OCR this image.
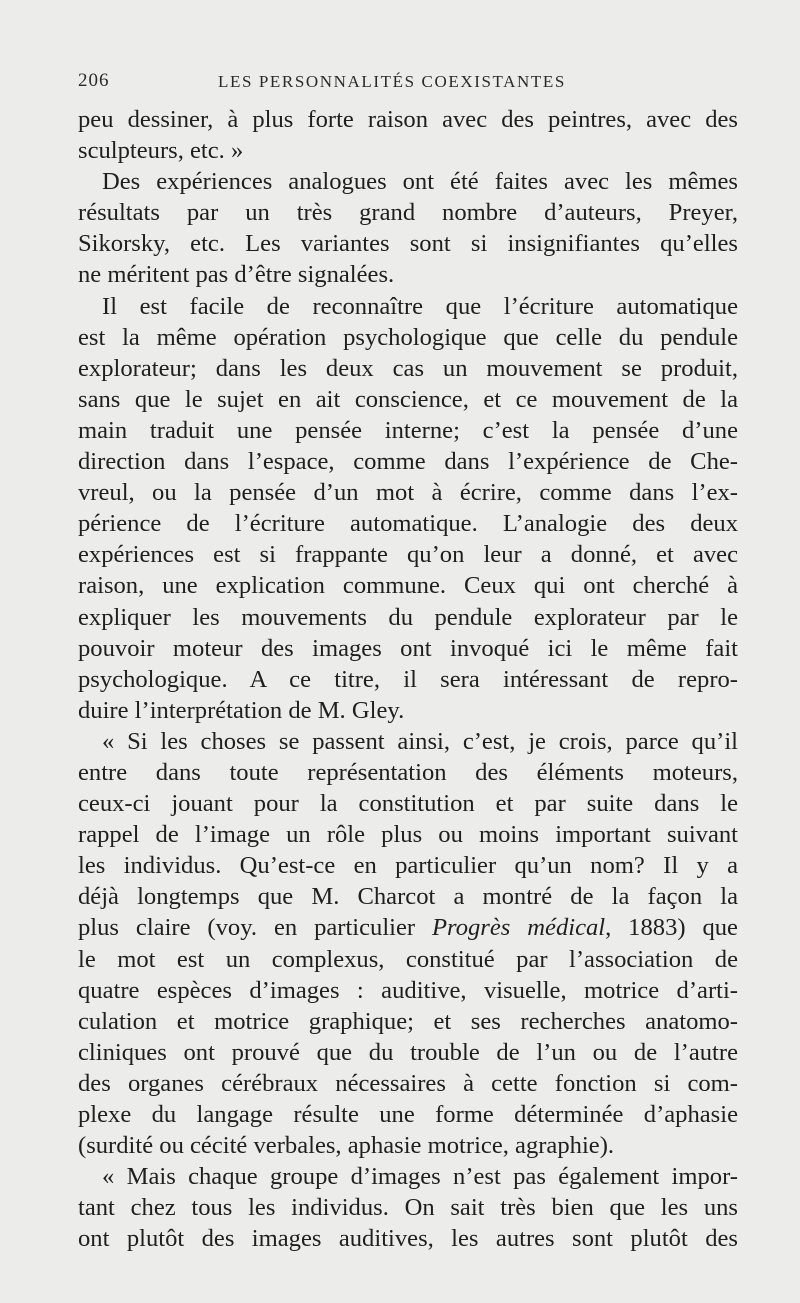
206	LES PERSONNALITÉS COEXISTANTES
peu dessiner, à plus forte raison avec des peintres, avec des
sculpteurs, etc. »
Des expériences analogues ont été faites avec les mêmes
résultats par un très grand nombre d’auteurs, Preyer,
Sikorsky, etc. Les variantes sont si insignifiantes qu’elles
ne méritent pas d’être signalées.
Il est facile de reconnaître que l’écriture automatique
est la même opération psychologique que celle du pendule
explorateur; dans les deux cas un mouvement se produit,
sans que le sujet en ait conscience, et ce mouvement de la
main traduit une pensée interne; c’est la pensée d’une
direction dans l’espace, comme dans l’expérience de Che-
vreul, ou la pensée d’un mot à écrire, comme dans l’ex-
périence de l’écriture automatique. L’analogie des deux
expériences est si frappante qu’on leur a donné, et avec
raison, une explication commune. Ceux qui ont cherché à
expliquer les mouvements du pendule explorateur par le
pouvoir moteur des images ont invoqué ici le même fait
psychologique. A ce titre, il sera intéressant de repro-
duire l’interprétation de M. Gley.
« Si les choses se passent ainsi, c’est, je crois, parce qu’il
entre dans toute représentation des éléments moteurs,
ceux-ci jouant pour la constitution et par suite dans le
rappel de l’image un rôle plus ou moins important suivant
les individus. Qu’est-ce en particulier qu’un nom? Il y a
déjà longtemps que M. Charcot a montré de la façon la
plus claire (voy. en particulier Progrès médical, 1883) que
le mot est un complexus, constitué par l’association de
quatre espèces d’images : auditive, visuelle, motrice d’arti-
culation et motrice graphique; et ses recherches anatomo-
cliniques ont prouvé que du trouble de l’un ou de l’autre
des organes cérébraux nécessaires à cette fonction si com-
plexe du langage résulte une forme déterminée d’aphasie
(surdité ou cécité verbales, aphasie motrice, agraphie).
« Mais chaque groupe d’images n’est pas également impor-
tant chez tous les individus. On sait très bien que les uns
ont plutôt des images auditives, les autres sont plutôt des
